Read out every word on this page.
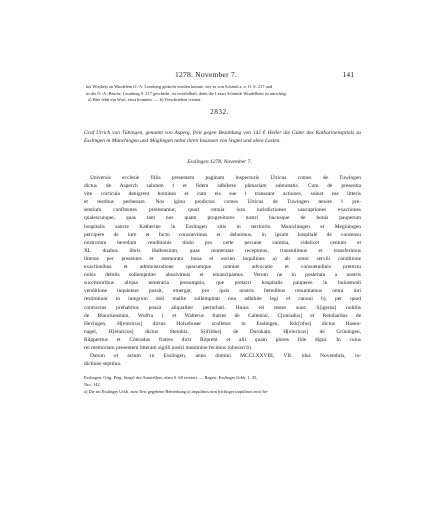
1278. November 7.	141

bei Wirsbels an Windelein O.-A. Leonberg gedacht werden könnte, wie es von Schmid a. a. O. S. 217 und

in der O.-A.-Beschr. Leonberg S. 217 geschieht, ist zweifelhaft, denn die Lesart Schmids Windelbein ist unrichtig.

a) Hier fehlt ein Wort, etwa homines. — b) Verschrieben creatra.

2832.
Graf Ulrich von Tübingen, genannt von Asperg, freit gegen Bezahlung von 142 € Heller die Güter des Katharinenspitals zu Esslingen in Münchingen und Möglingen nebst ihren Insassen von Vogtei und allen Lasten.
Esslingen 1278. November 7.
Universis ecclesie filiis presentem paginam inspecturis Ülricus comes de Tuwingen
dictus de Asperch salutem ǁ et fidem adhibere plenariam subnotatis. Cum de presentia
vite corriculo denigrent homines et cum eis sue ǁ transeant actiones, soleat eas litteris
et testibus perhenare. Nos igitur predictus comes Ülricus de Tuwingen tenore ǁ pre-
sentium confitentes protestamur, quod omnia iura iurisdictiones usucaptiones exactiones
qualescunque, quas tam nos quam progenitores nostri hucusque de bonis pauperum
hospitalis sancte Katherine in Esslingen sitis in territorio Munichingen et Meginingen
percipere de iure et facto consuevimus et debuimus, in ipsum hospitale de consensu
nostrorum heredum venditionis titulo pro certe pecunie summa, videlicet centum et
XL duabus libris Hallensium, quas numeratas recepimus, transtulimus et transferimus
litteras per presentes et memorata bona et eorum inquilinos a) ab omni servili conditione
exactionibus et administratione quacumque nomine advocatie et consuetudinis pretextu
nobis debitis sollempniter absolvimus et emancipamus. Verum ne in posterum a nostris
successoribus aliqua temeraria presumptio, que pretacti hospitalis pauperes in huiusmodi
venditione inquietare possit, emergat, pro ipsis nostris heredibus renuntiamus omni iuri
restitutioni in integrum doli mallie sollempitati non adhibite legi et canoni b), per quod
contractus prehabitus possit aliqualiter perturbari. Huius rei testes sunt: S[igerus] nobilis
de Blanckenstain, Wolfra } et Walterus fratres de Calteniai, C[onradus] et Reinhardus de
Hevingen, H[einricus] dictus Holzebuser sculletus in Esslingen, Rdc[ofus] dictus Hasen-
nagel, H[einricus] dictus Steinbiz, S[ifridus] de Durnkain, H[einricus] de Grüningen,
Rûpperttus et Cônradus fratres dicti Rôprehi et alii quam plures fide digni. In cuius
rei memoriam presentem litteram sigilli nostri munimine fecimus roborari b).
Datum et actum in Esslingen, anno domini MCCLXXVIII, VII. idus Novembris, in-
dictione septima.

Esslingen. Orig. Perg. Siegel des Ausstellers, oben S. 68 erörtert. — Regest: Esslinger Urkb. 1, 35,

Nro. 142.

a) Die im Esslinger Urkb. zum Text gegebene Bemerkung a) inquilinos non (richtiger inquilinos nos) be-
